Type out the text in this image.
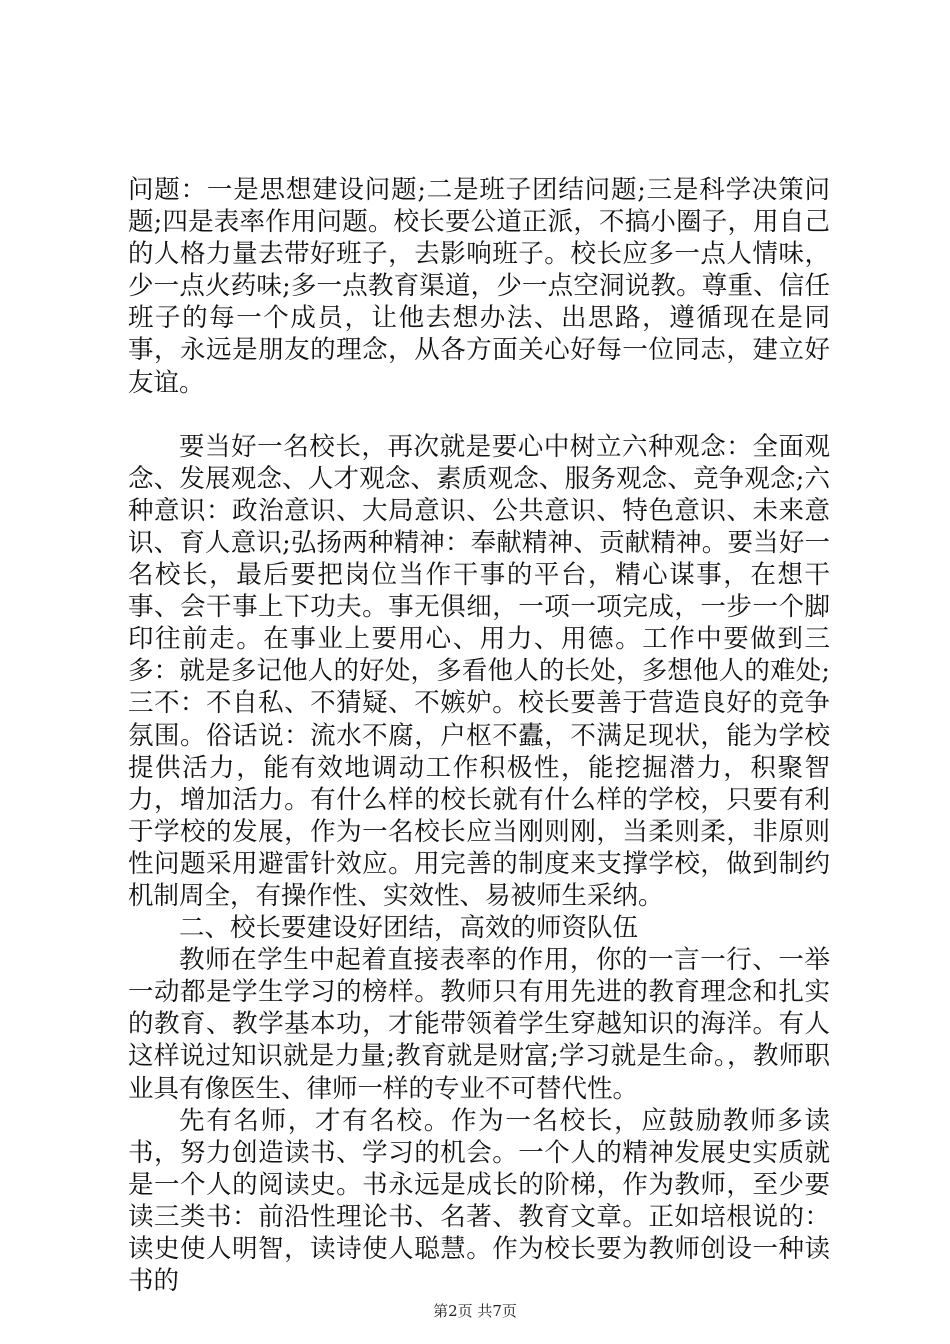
问题：一是思想建设问题;二是班子团结问题;三是科学决策问题;四是表率作用问题。校长要公道正派，不搞小圈子，用自己的人格力量去带好班子，去影响班子。校长应多一点人情味，少一点火药味;多一点教育渠道，少一点空洞说教。尊重、信任班子的每一个成员，让他去想办法、出思路，遵循现在是同事，永远是朋友的理念，从各方面关心好每一位同志，建立好友谊。

要当好一名校长，再次就是要心中树立六种观念：全面观念、发展观念、人才观念、素质观念、服务观念、竞争观念;六种意识：政治意识、大局意识、公共意识、特色意识、未来意识、育人意识;弘扬两种精神：奉献精神、贡献精神。要当好一名校长，最后要把岗位当作干事的平台，精心谋事，在想干事、会干事上下功夫。事无俱细，一项一项完成，一步一个脚印往前走。在事业上要用心、用力、用德。工作中要做到三多：就是多记他人的好处，多看他人的长处，多想他人的难处;三不：不自私、不猜疑、不嫉妒。校长要善于营造良好的竞争氛围。俗话说：流水不腐，户枢不蠹，不满足现状，能为学校提供活力，能有效地调动工作积极性，能挖掘潜力，积聚智力，增加活力。有什么样的校长就有什么样的学校，只要有利于学校的发展，作为一名校长应当刚则刚，当柔则柔，非原则性问题采用避雷针效应。用完善的制度来支撑学校，做到制约机制周全，有操作性、实效性、易被师生采纳。

二、校长要建设好团结，高效的师资队伍

教师在学生中起着直接表率的作用，你的一言一行、一举一动都是学生学习的榜样。教师只有用先进的教育理念和扎实的教育、教学基本功，才能带领着学生穿越知识的海洋。有人这样说过知识就是力量;教育就是财富;学习就是生命。，教师职业具有像医生、律师一样的专业不可替代性。

先有名师，才有名校。作为一名校长，应鼓励教师多读书，努力创造读书、学习的机会。一个人的精神发展史实质就是一个人的阅读史。书永远是成长的阶梯，作为教师，至少要读三类书：前沿性理论书、名著、教育文章。正如培根说的：读史使人明智，读诗使人聪慧。作为校长要为教师创设一种读书的

第2页 共7页
